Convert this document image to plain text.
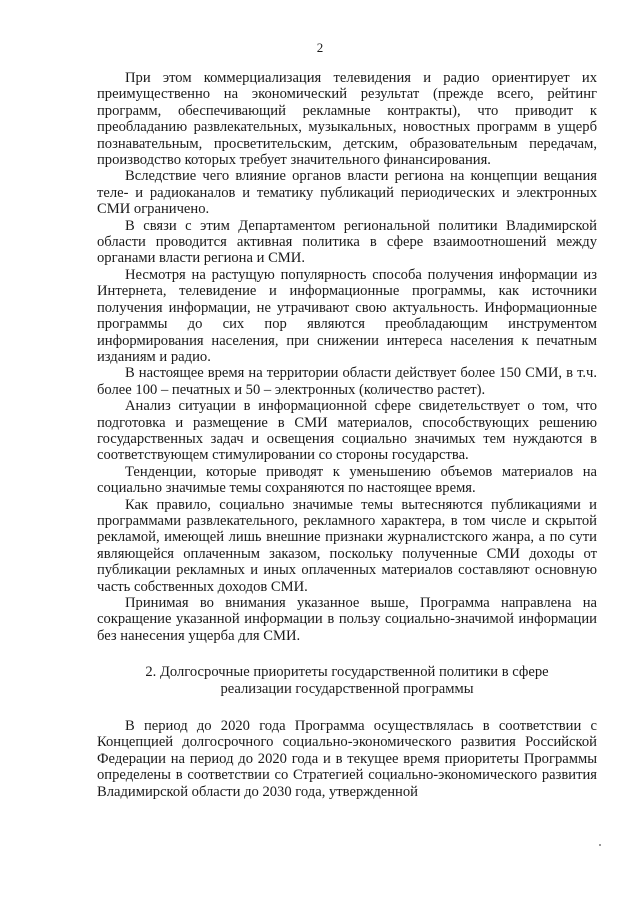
2

При этом коммерциализация телевидения и радио ориентирует их преимущественно на экономический результат (прежде всего, рейтинг программ, обеспечивающий рекламные контракты), что приводит к преобладанию развлекательных, музыкальных, новостных программ в ущерб познавательным, просветительским, детским, образовательным передачам, производство которых требует значительного финансирования.

Вследствие чего влияние органов власти региона на концепции вещания теле- и радиоканалов и тематику публикаций периодических и электронных СМИ ограничено.

В связи с этим Департаментом региональной политики Владимирской области проводится активная политика в сфере взаимоотношений между органами власти региона и СМИ.

Несмотря на растущую популярность способа получения информации из Интернета, телевидение и информационные программы, как источники получения информации, не утрачивают свою актуальность. Информационные программы до сих пор являются преобладающим инструментом информирования населения, при снижении интереса населения к печатным изданиям и радио.

В настоящее время на территории области действует более 150 СМИ, в т.ч. более 100 – печатных и 50 – электронных (количество растет).

Анализ ситуации в информационной сфере свидетельствует о том, что подготовка и размещение в СМИ материалов, способствующих решению государственных задач и освещения социально значимых тем нуждаются в соответствующем стимулировании со стороны государства.

Тенденции, которые приводят к уменьшению объемов материалов на социально значимые темы сохраняются по настоящее время.

Как правило, социально значимые темы вытесняются публикациями и программами развлекательного, рекламного характера, в том числе и скрытой рекламой, имеющей лишь внешние признаки журналистского жанра, а по сути являющейся оплаченным заказом, поскольку полученные СМИ доходы от публикации рекламных и иных оплаченных материалов составляют основную часть собственных доходов СМИ.

Принимая во внимания указанное выше, Программа направлена на сокращение указанной информации в пользу социально-значимой информации без нанесения ущерба для СМИ.

2. Долгосрочные приоритеты государственной политики в сфере
реализации государственной программы

В период до 2020 года Программа осуществлялась в соответствии с Концепцией долгосрочного социально-экономического развития Российской Федерации на период до 2020 года и в текущее время приоритеты Программы определены в соответствии со Стратегией социально-экономического развития Владимирской области до 2030 года, утвержденной
